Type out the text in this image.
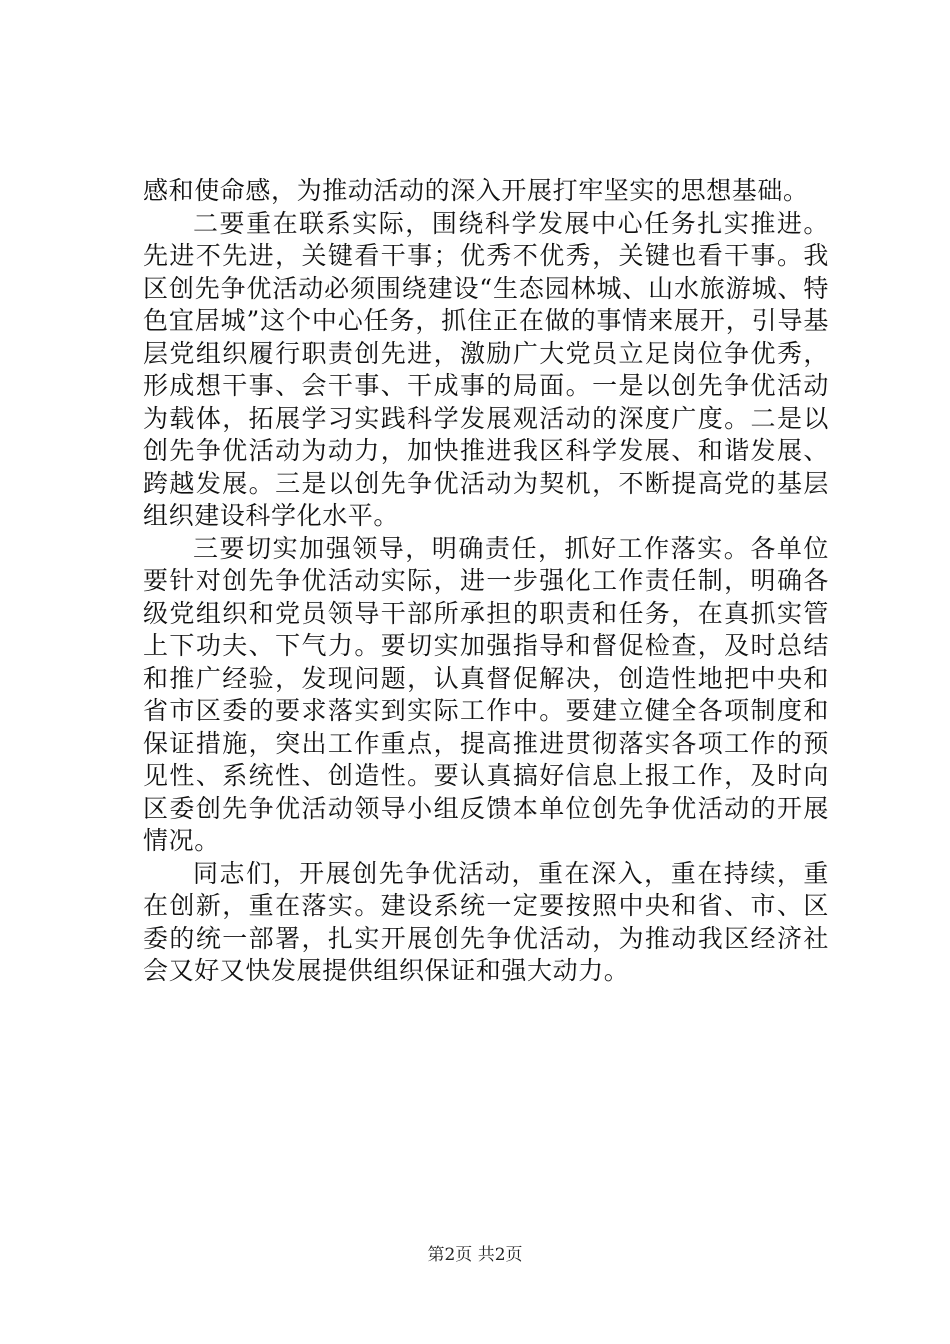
感和使命感，为推动活动的深入开展打牢坚实的思想基础。

二要重在联系实际，围绕科学发展中心任务扎实推进。先进不先进，关键看干事；优秀不优秀，关键也看干事。我区创先争优活动必须围绕建设“生态园林城、山水旅游城、特色宜居城”这个中心任务，抓住正在做的事情来展开，引导基层党组织履行职责创先进，激励广大党员立足岗位争优秀，形成想干事、会干事、干成事的局面。一是以创先争优活动为载体，拓展学习实践科学发展观活动的深度广度。二是以创先争优活动为动力，加快推进我区科学发展、和谐发展、跨越发展。三是以创先争优活动为契机，不断提高党的基层组织建设科学化水平。

三要切实加强领导，明确责任，抓好工作落实。各单位要针对创先争优活动实际，进一步强化工作责任制，明确各级党组织和党员领导干部所承担的职责和任务，在真抓实管上下功夫、下气力。要切实加强指导和督促检查，及时总结和推广经验，发现问题，认真督促解决，创造性地把中央和省市区委的要求落实到实际工作中。要建立健全各项制度和保证措施，突出工作重点，提高推进贯彻落实各项工作的预见性、系统性、创造性。要认真搞好信息上报工作，及时向区委创先争优活动领导小组反馈本单位创先争优活动的开展情况。

同志们，开展创先争优活动，重在深入，重在持续，重在创新，重在落实。建设系统一定要按照中央和省、市、区委的统一部署，扎实开展创先争优活动，为推动我区经济社会又好又快发展提供组织保证和强大动力。

第2页 共2页
